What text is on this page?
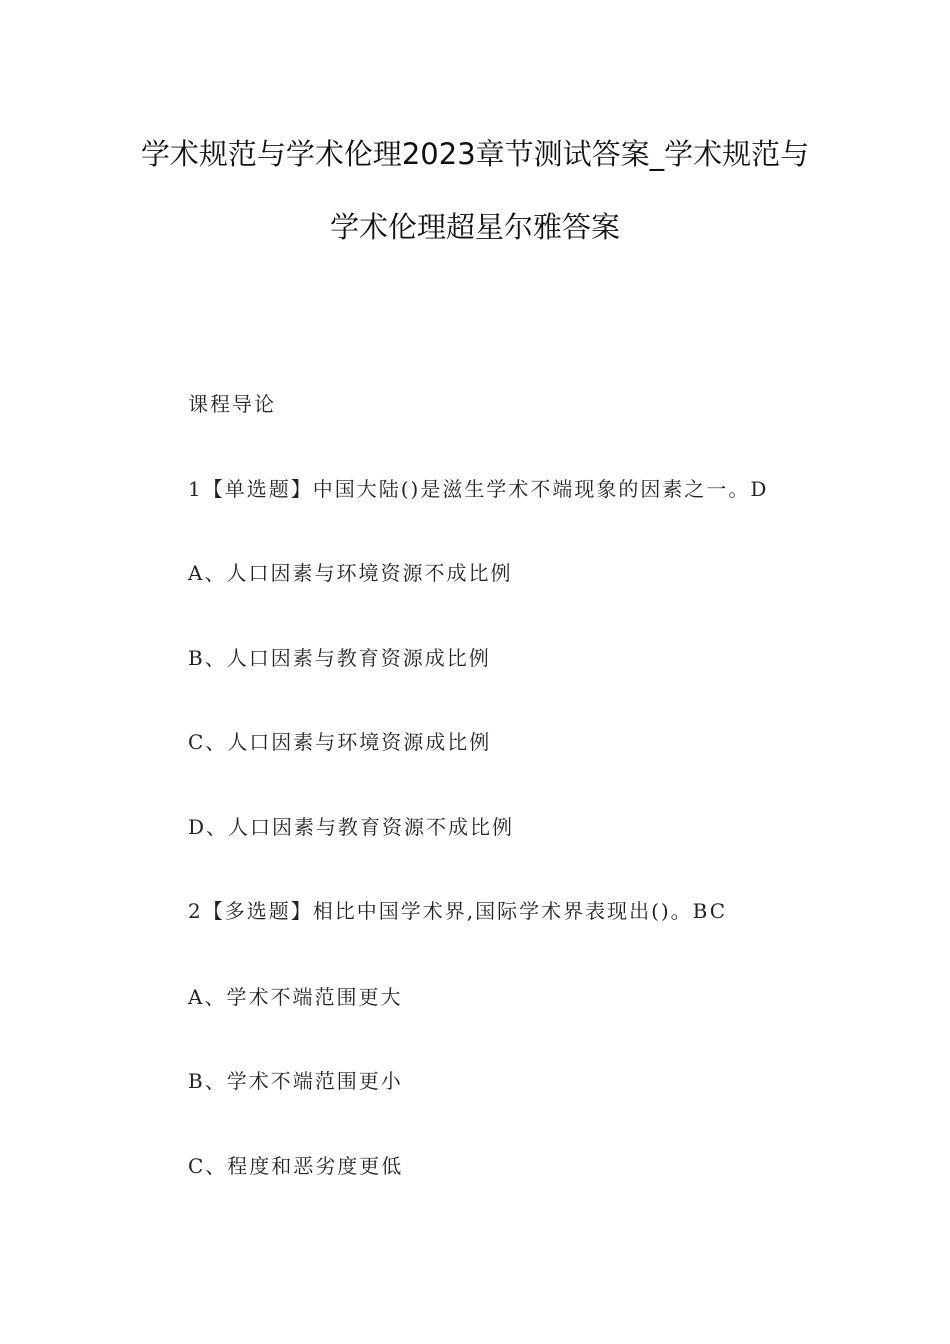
学术规范与学术伦理2023章节测试答案_学术规范与
学术伦理超星尔雅答案
课程导论
1【单选题】中国大陆()是滋生学术不端现象的因素之一。D
A、人口因素与环境资源不成比例
B、人口因素与教育资源成比例
C、人口因素与环境资源成比例
D、人口因素与教育资源不成比例
2【多选题】相比中国学术界,国际学术界表现出()。BC
A、学术不端范围更大
B、学术不端范围更小
C、程度和恶劣度更低
